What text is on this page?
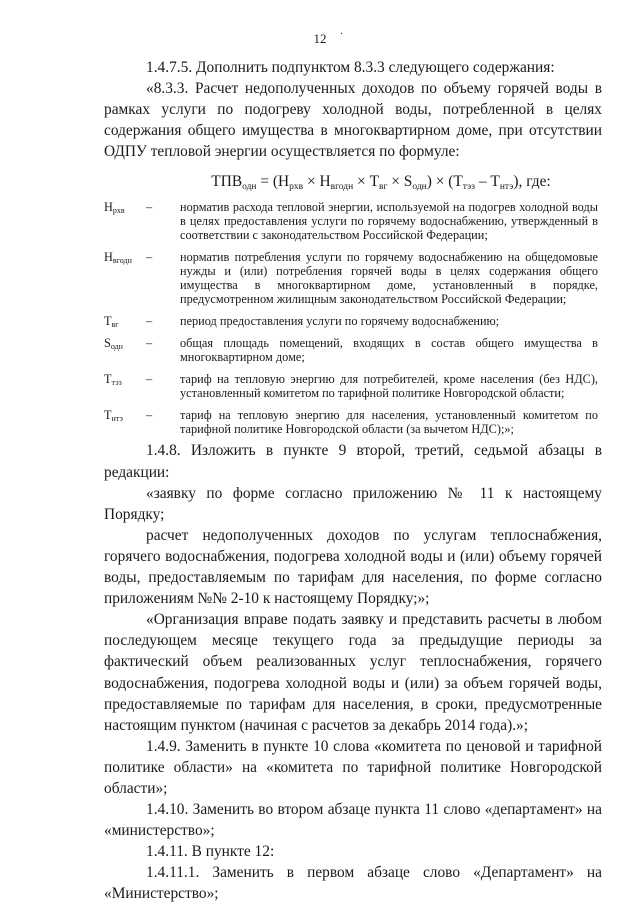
·
12

1.4.7.5. Дополнить подпунктом 8.3.3 следующего содержания:

«8.3.3. Расчет недополученных доходов по объему горячей воды в рамках услуги по подогреву холодной воды, потребленной в целях содержания общего имущества в многоквартирном доме, при отсутствии ОДПУ тепловой энергии осуществляется по формуле:

$ТПВ_{одн} = (Н_{рхв} \times Н_{вгодн} \times Т_{вг} \times S_{одн}) \times (Т_{тэз} - Т_{нтэ})$, где:
$Н_{рхв}$	–	норматив расхода тепловой энергии, используемой на подогрев холодной воды в целях предоставления услуги по горячему водоснабжению, утвержденный в соответствии с законодательством Российской Федерации;
$Н_{вгодн}$	–	норматив потребления услуги по горячему водоснабжению на общедомовые нужды и (или) потребления горячей воды в целях содержания общего имущества в многоквартирном доме, установленный в порядке, предусмотренном жилищным законодательством Российской Федерации;
$Т_{вг}$	–	период предоставления услуги по горячему водоснабжению;
$S_{одн}$	–	общая площадь помещений, входящих в состав общего имущества в многоквартирном доме;
$Т_{тэз}$	–	тариф на тепловую энергию для потребителей, кроме населения (без НДС), установленный комитетом по тарифной политике Новгородской области;
$Т_{нтэ}$	–	тариф на тепловую энергию для населения, установленный комитетом по тарифной политике Новгородской области (за вычетом НДС);»;

1.4.8. Изложить в пункте 9 второй, третий, седьмой абзацы в редакции:

«заявку по форме согласно приложению № 11 к настоящему Порядку;

расчет недополученных доходов по услугам теплоснабжения, горячего водоснабжения, подогрева холодной воды и (или) объему горячей воды, предоставляемым по тарифам для населения, по форме согласно приложениям №№ 2-10 к настоящему Порядку;»;

«Организация вправе подать заявку и представить расчеты в любом последующем месяце текущего года за предыдущие периоды за фактический объем реализованных услуг теплоснабжения, горячего водоснабжения, подогрева холодной воды и (или) за объем горячей воды, предоставляемые по тарифам для населения, в сроки, предусмотренные настоящим пунктом (начиная с расчетов за декабрь 2014 года).»;

1.4.9. Заменить в пункте 10 слова «комитета по ценовой и тарифной политике области» на «комитета по тарифной политике Новгородской области»;

1.4.10. Заменить во втором абзаце пункта 11 слово «департамент» на «министерство»;

1.4.11. В пункте 12:

1.4.11.1. Заменить в первом абзаце слово «Департамент» на «Министерство»;
